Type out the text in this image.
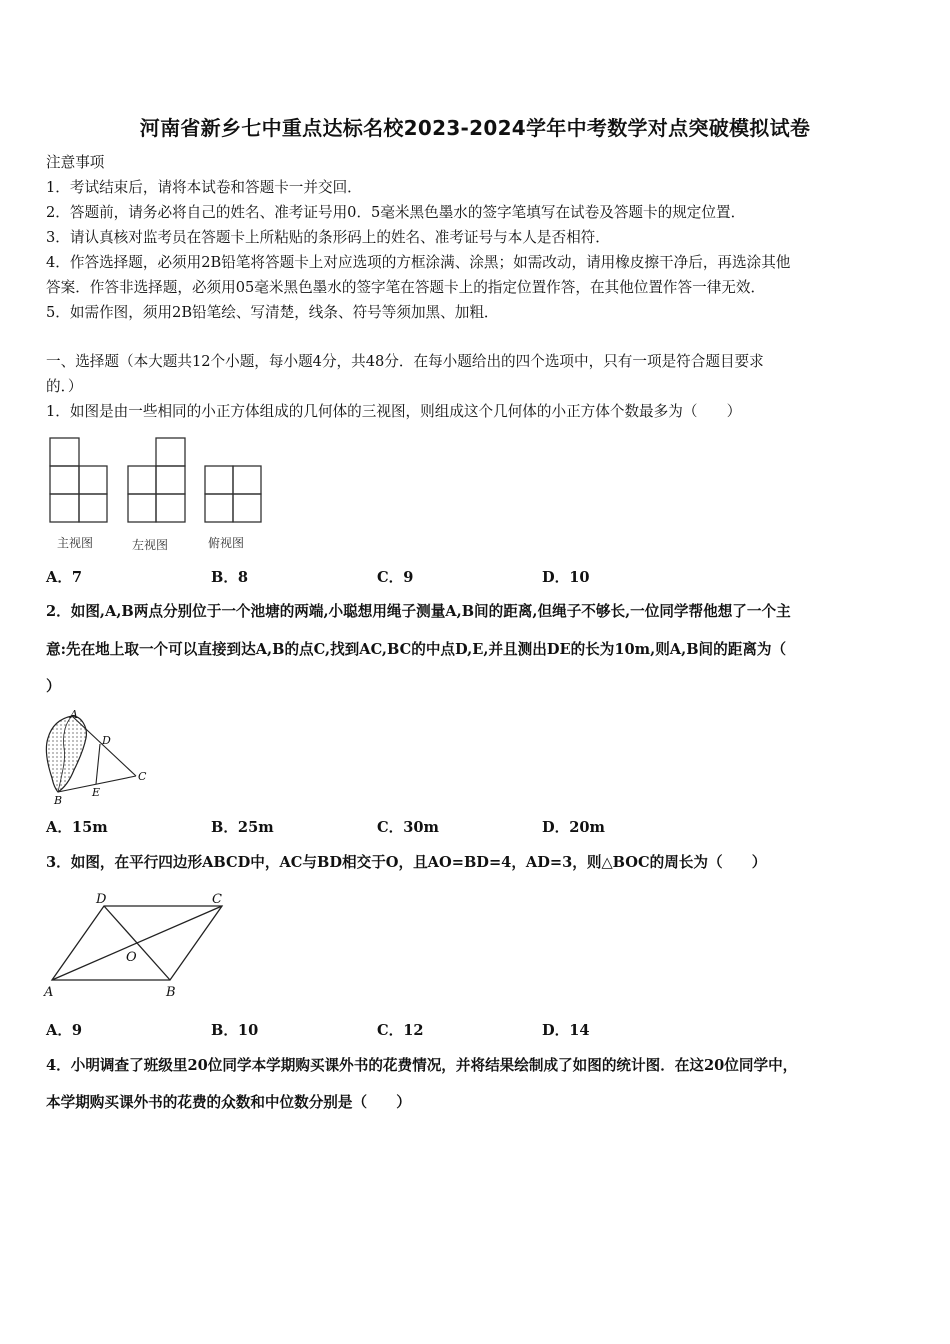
河南省新乡七中重点达标名校2023-2024学年中考数学对点突破模拟试卷
注意事项
1．考试结束后，请将本试卷和答题卡一并交回．
2．答题前，请务必将自己的姓名、准考证号用0．5毫米黑色墨水的签字笔填写在试卷及答题卡的规定位置．
3．请认真核对监考员在答题卡上所粘贴的条形码上的姓名、准考证号与本人是否相符．
4．作答选择题，必须用2B铅笔将答题卡上对应选项的方框涂满、涂黑；如需改动，请用橡皮擦干净后，再选涂其他
答案．作答非选择题，必须用05毫米黑色墨水的签字笔在答题卡上的指定位置作答，在其他位置作答一律无效．
5．如需作图，须用2B铅笔绘、写清楚，线条、符号等须加黑、加粗．
一、选择题（本大题共12个小题，每小题4分，共48分．在每小题给出的四个选项中，只有一项是符合题目要求
的．）
1．如图是由一些相同的小正方体组成的几何体的三视图，则组成这个几何体的小正方体个数最多为（　　）
主视图	左视图	俯视图
A．7	B．8	C．9	D．10
2．如图,A,B两点分别位于一个池塘的两端,小聪想用绳子测量A,B间的距离,但绳子不够长,一位同学帮他想了一个主
意:先在地上取一个可以直接到达A,B的点C,找到AC,BC的中点D,E,并且测出DE的长为10m,则A,B间的距离为（
）
A
B
C
D
E
A．15m	B．25m	C．30m	D．20m
3．如图，在平行四边形ABCD中，AC与BD相交于O，且AO=BD=4，AD=3，则△BOC的周长为（　　）
D	C
O
A	B
A．9	B．10	C．12	D．14
4．小明调查了班级里20位同学本学期购买课外书的花费情况，并将结果绘制成了如图的统计图．在这20位同学中，
本学期购买课外书的花费的众数和中位数分别是（　　）
